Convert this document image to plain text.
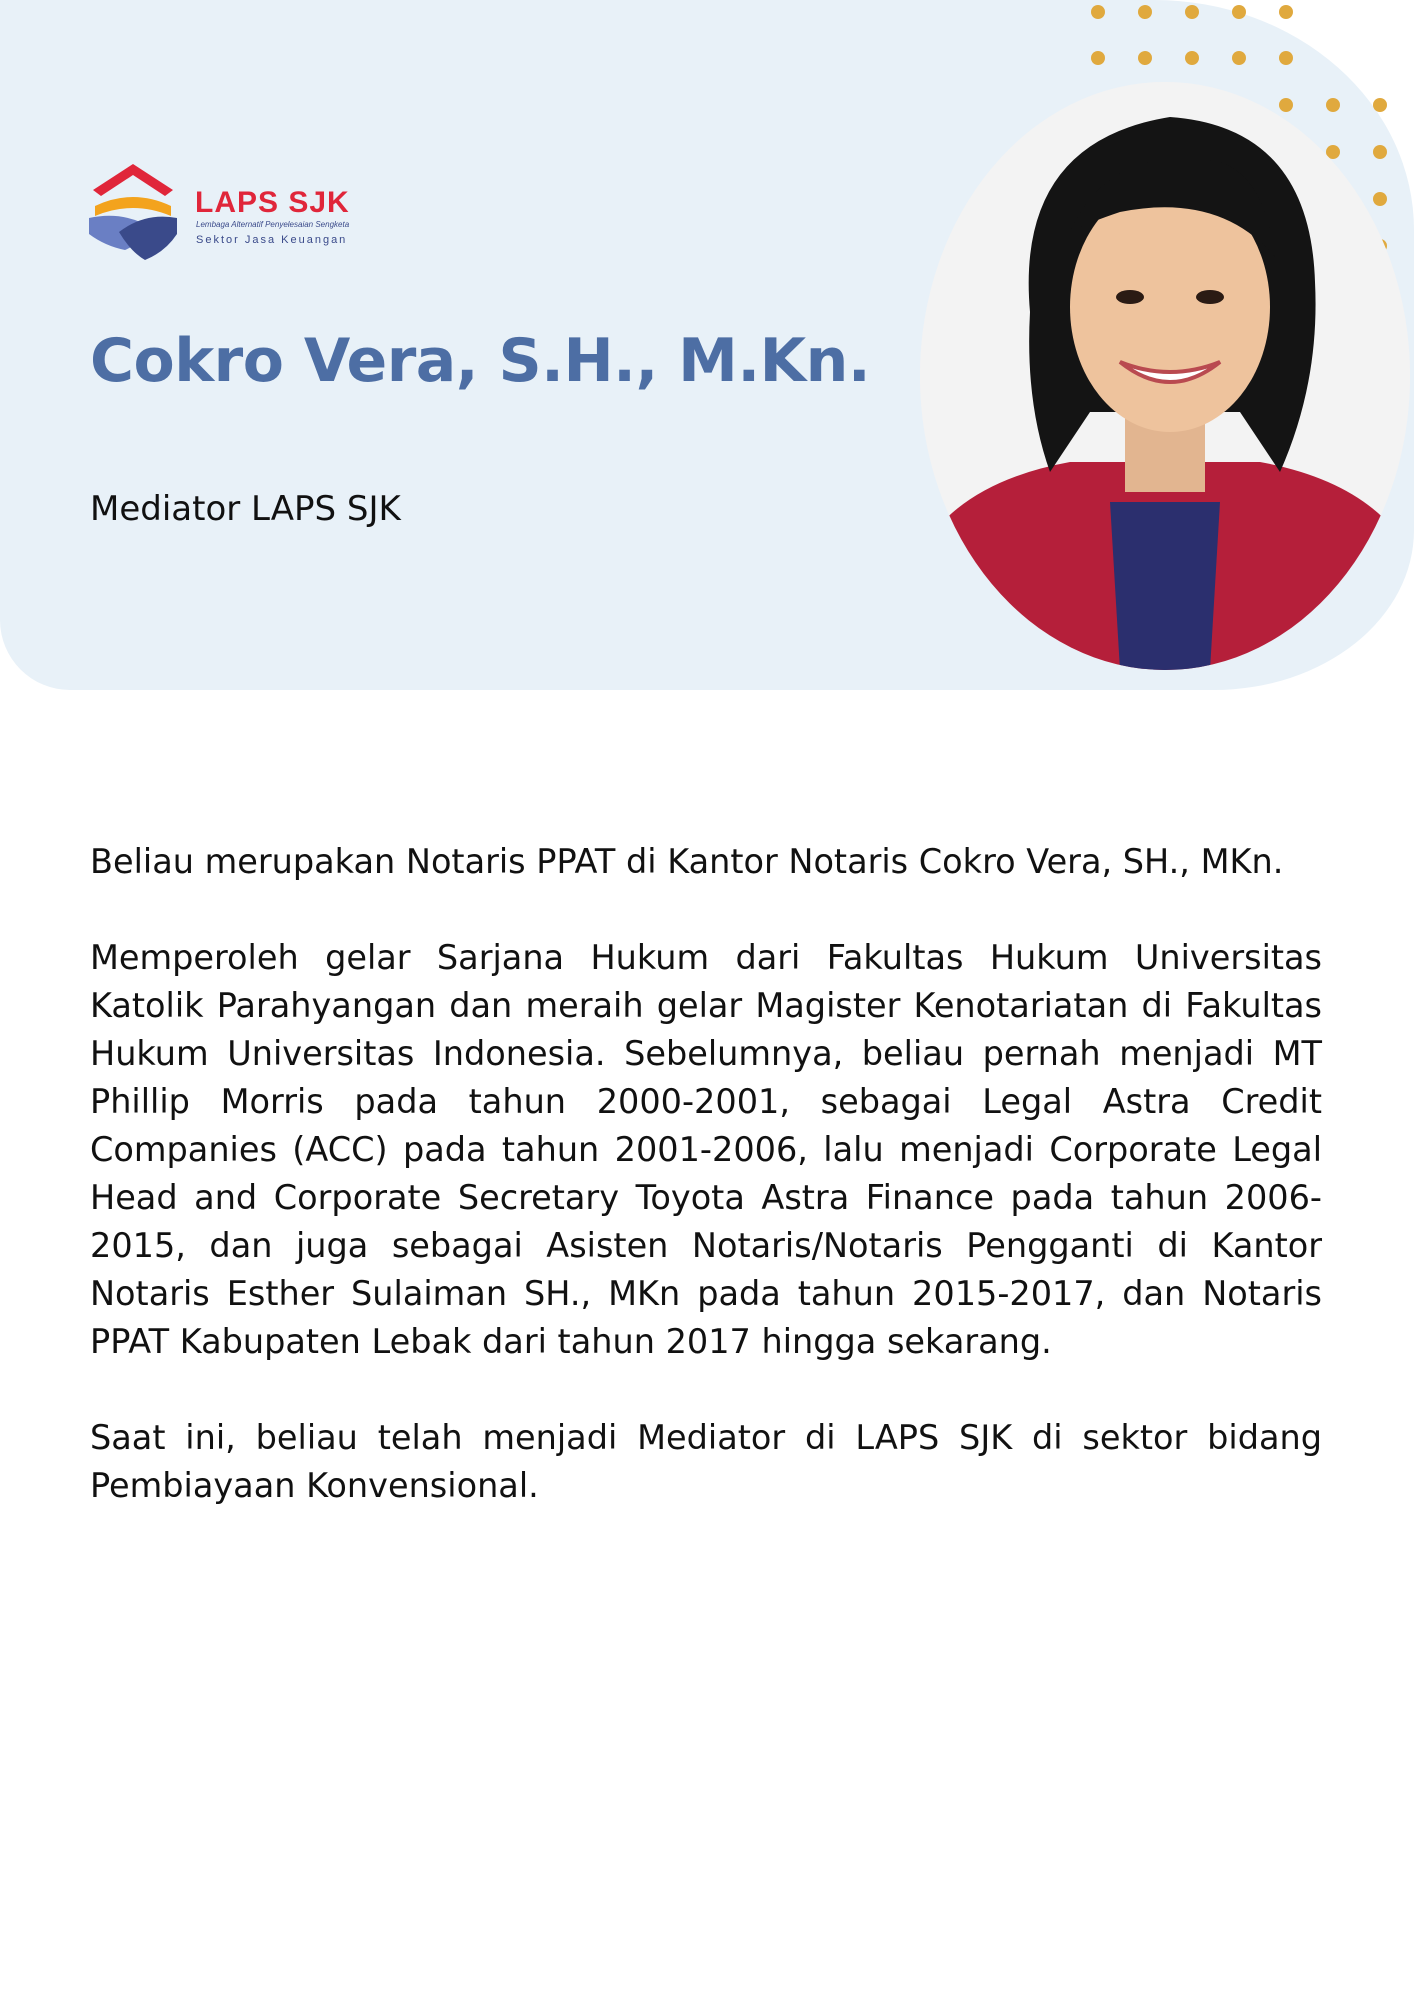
LAPS SJK
Lembaga Alternatif Penyelesaian Sengketa
Sektor Jasa Keuangan
Cokro Vera, S.H., M.Kn.
Mediator LAPS SJK

Beliau merupakan Notaris PPAT di Kantor Notaris Cokro Vera, SH., MKn.

Memperoleh gelar Sarjana Hukum dari Fakultas Hukum Universitas Katolik Parahyangan dan meraih gelar Magister Kenotariatan di Fakultas Hukum Universitas Indonesia. Sebelumnya, beliau pernah menjadi MT Phillip Morris pada tahun 2000-2001, sebagai Legal Astra Credit Companies (ACC) pada tahun 2001-2006, lalu menjadi Corporate Legal Head and Corporate Secretary Toyota Astra Finance pada tahun 2006-2015, dan juga sebagai Asisten Notaris/Notaris Pengganti di Kantor Notaris Esther Sulaiman SH., MKn pada tahun 2015-2017, dan Notaris PPAT Kabupaten Lebak dari tahun 2017 hingga sekarang.

Saat ini, beliau telah menjadi Mediator di LAPS SJK di sektor bidang Pembiayaan Konvensional.
